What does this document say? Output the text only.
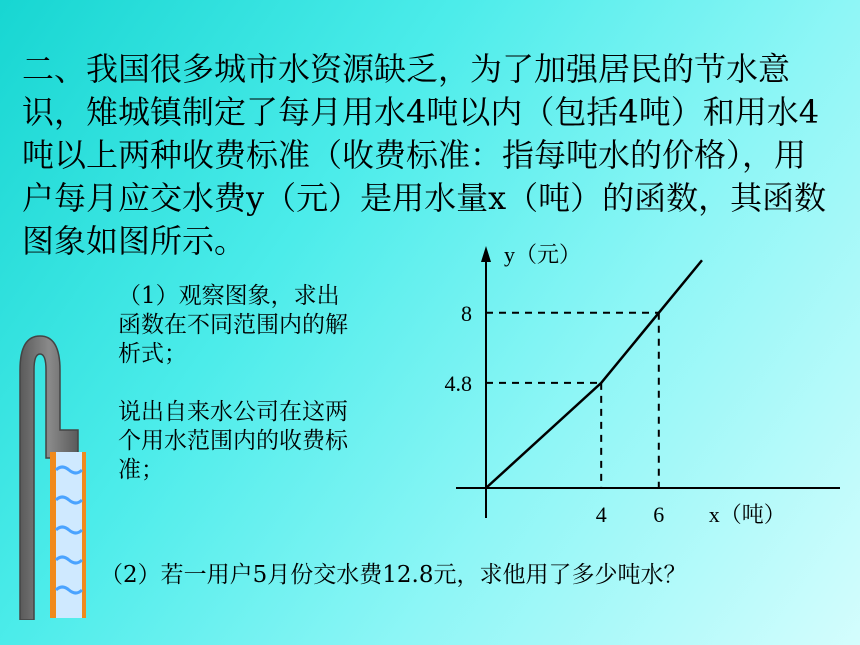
二、我国很多城市水资源缺乏，为了加强居民的节水意识，雉城镇制定了每月用水4吨以内（包括4吨）和用水4吨以上两种收费标准（收费标准：指每吨水的价格），用户每月应交水费y（元）是用水量x（吨）的函数，其函数图象如图所示。

（1）观察图象，求出函数在不同范围内的解析式；

说出自来水公司在这两个用水范围内的收费标准；

（2）若一用户5月份交水费12.8元，求他用了多少吨水？

4 6
4.8
8
y（元）
x（吨）
